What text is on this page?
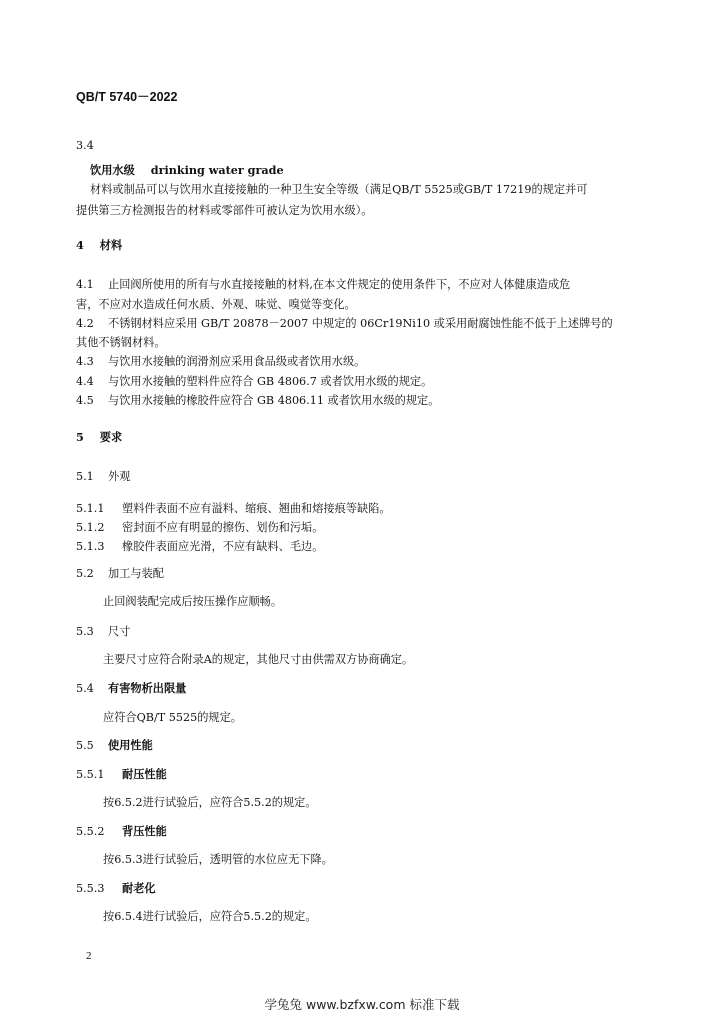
QB/T 5740－2022
3.4
饮用水级 drinking water grade
材料或制品可以与饮用水直接接触的一种卫生安全等级（满足QB/T 5525或GB/T 17219的规定并可
提供第三方检测报告的材料或零部件可被认定为饮用水级）。
4 材料
4.1 止回阀所使用的所有与水直接接触的材料,在本文件规定的使用条件下，不应对人体健康造成危
害，不应对水造成任何水质、外观、味觉、嗅觉等变化。
4.2 不锈钢材料应采用 GB/T 20878－2007 中规定的 06Cr19Ni10 或采用耐腐蚀性能不低于上述牌号的
其他不锈钢材料。
4.3 与饮用水接触的润滑剂应采用食品级或者饮用水级。
4.4 与饮用水接触的塑料件应符合 GB 4806.7 或者饮用水级的规定。
4.5 与饮用水接触的橡胶件应符合 GB 4806.11 或者饮用水级的规定。
5 要求
5.1 外观
5.1.1 塑料件表面不应有溢料、缩痕、翘曲和熔接痕等缺陷。
5.1.2 密封面不应有明显的擦伤、划伤和污垢。
5.1.3 橡胶件表面应光滑，不应有缺料、毛边。
5.2 加工与装配
止回阀装配完成后按压操作应顺畅。
5.3 尺寸
主要尺寸应符合附录A的规定，其他尺寸由供需双方协商确定。
5.4 有害物析出限量
应符合QB/T 5525的规定。
5.5 使用性能
5.5.1 耐压性能
按6.5.2进行试验后，应符合5.5.2的规定。
5.5.2 背压性能
按6.5.3进行试验后，透明管的水位应无下降。
5.5.3 耐老化
按6.5.4进行试验后，应符合5.5.2的规定。
2
学兔兔 www.bzfxw.com 标准下载
